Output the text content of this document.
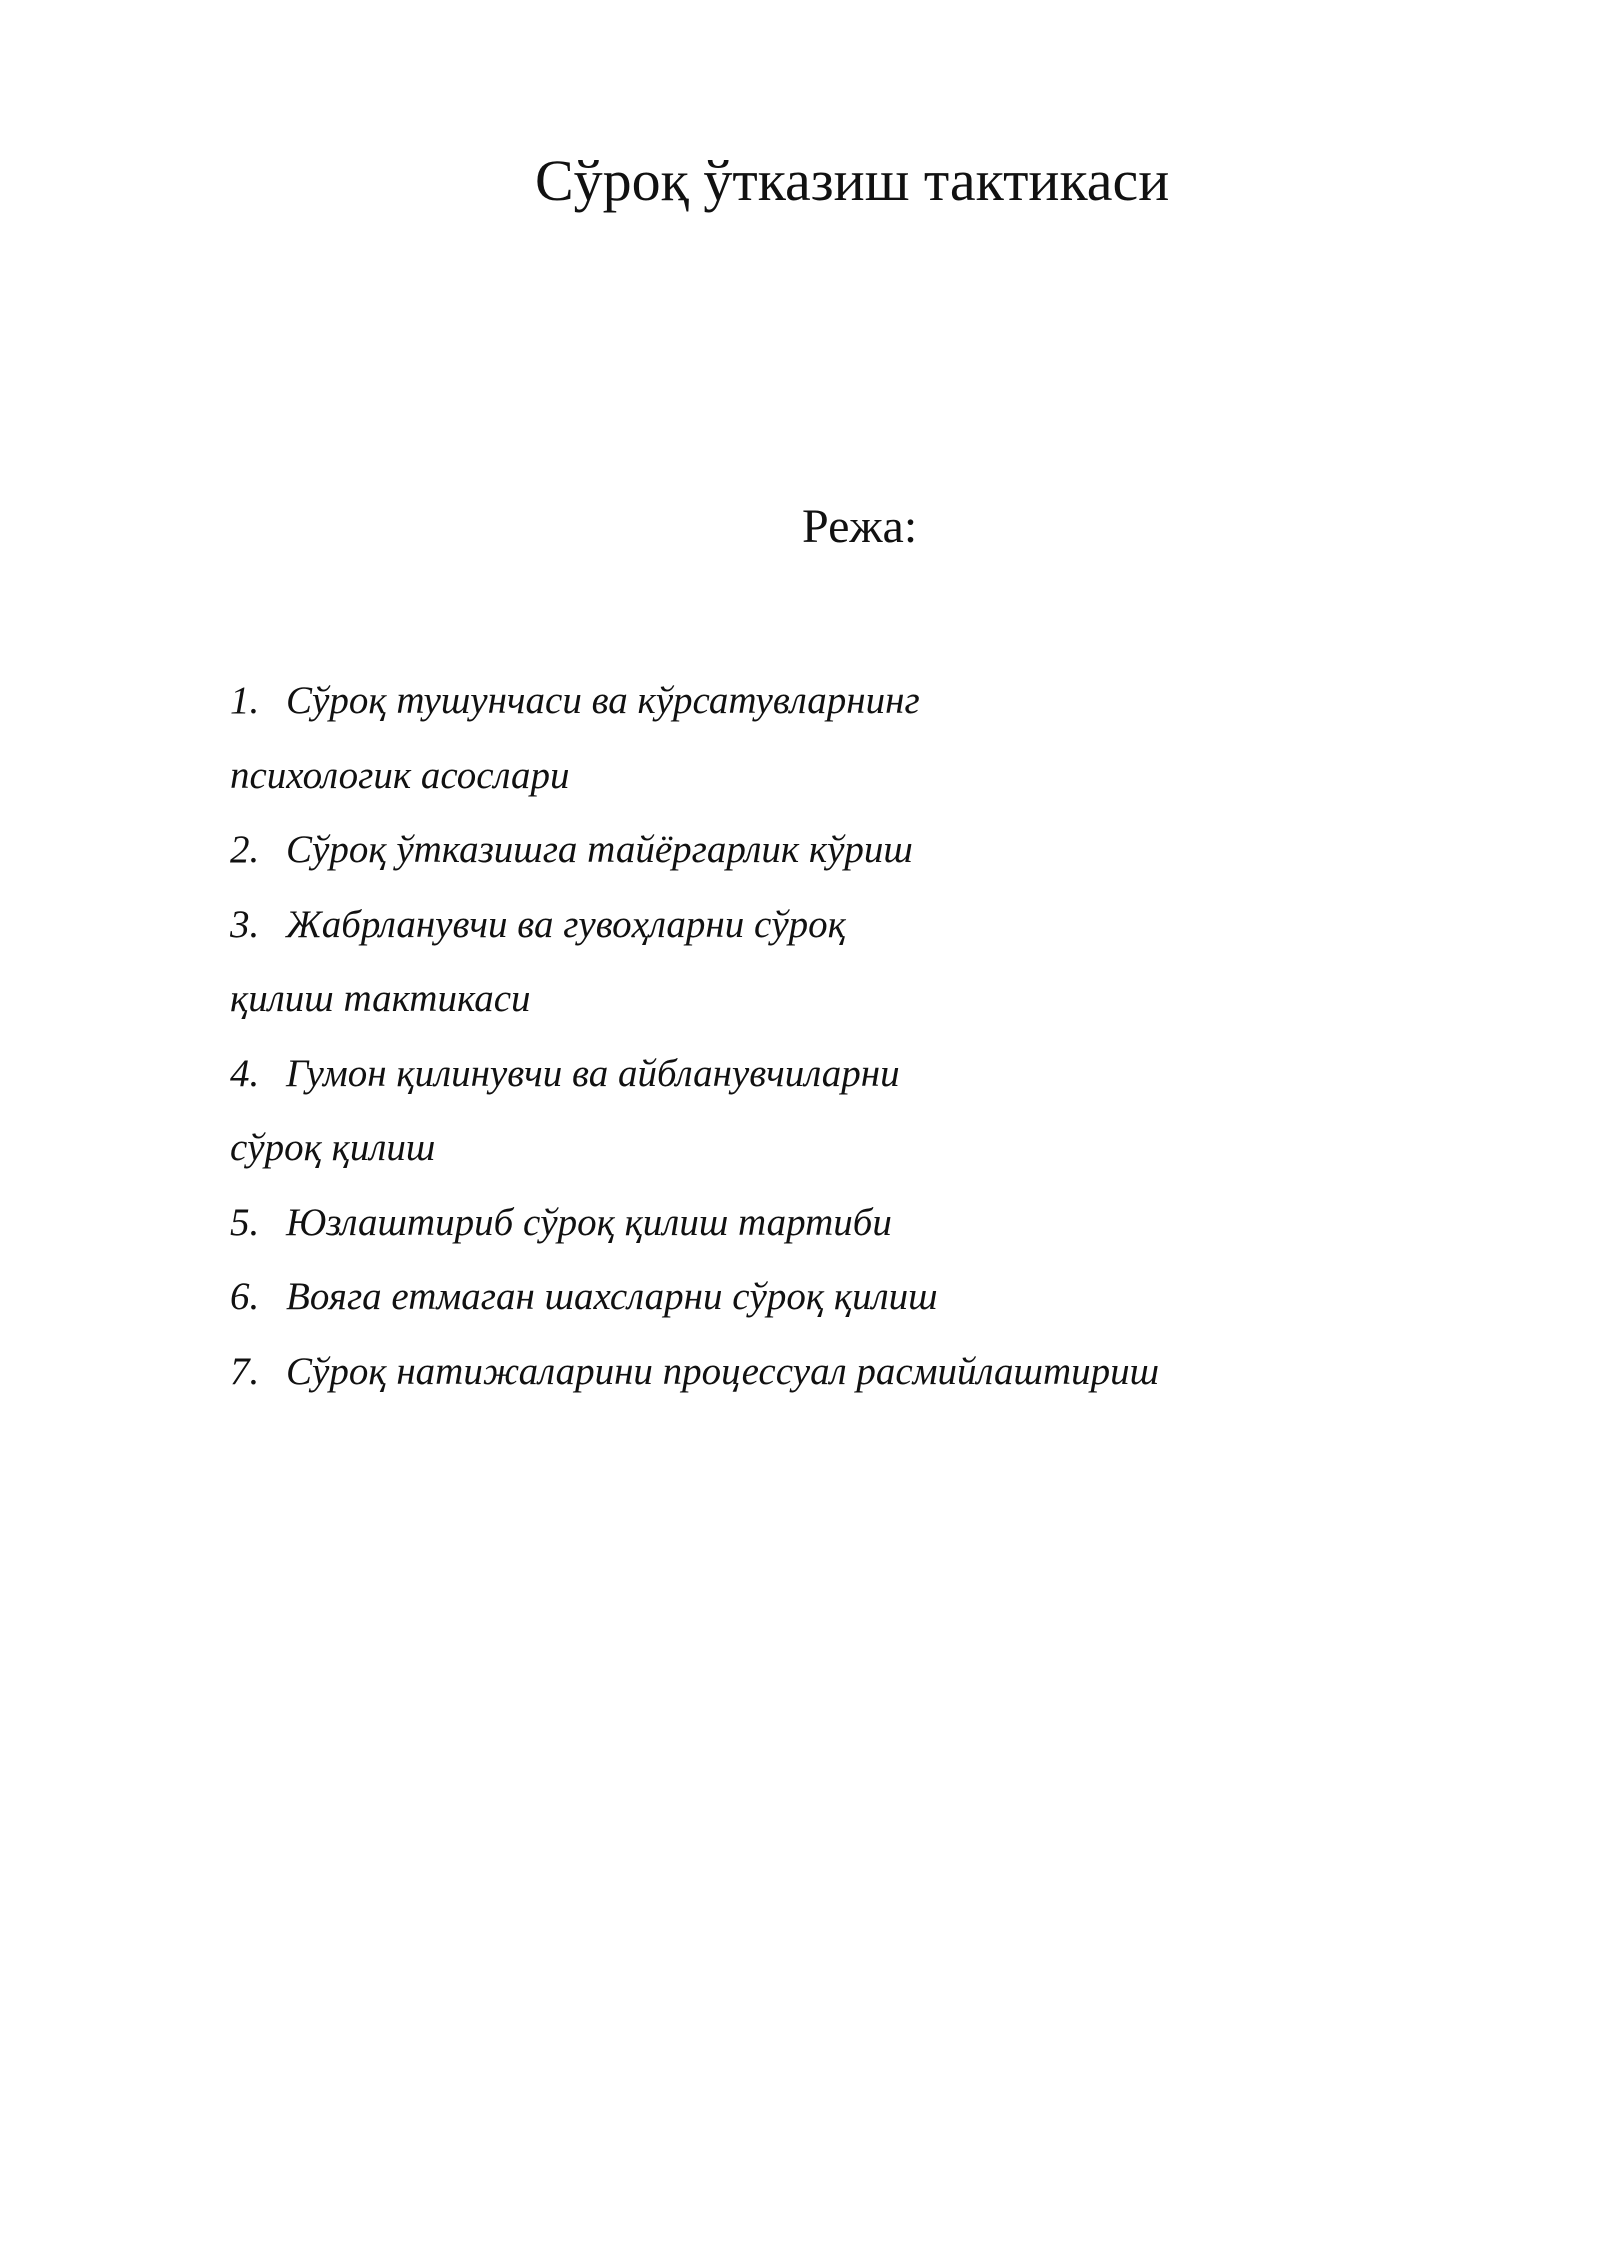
Сўроқ ўтказиш тактикаси
Режа:
1. Сўроқ тушунчаси ва кўрсатувларнинг
психологик асослари
2. Сўроқ ўтказишга тайёргарлик кўриш
3. Жабрланувчи ва гувоҳларни сўроқ
қилиш тактикаси
4. Гумон қилинувчи ва айбланувчиларни
сўроқ қилиш
5. Юзлаштириб сўроқ қилиш тартиби
6. Вояга етмаган шахсларни сўроқ қилиш
7. Сўроқ натижаларини процессуал расмийлаштириш
